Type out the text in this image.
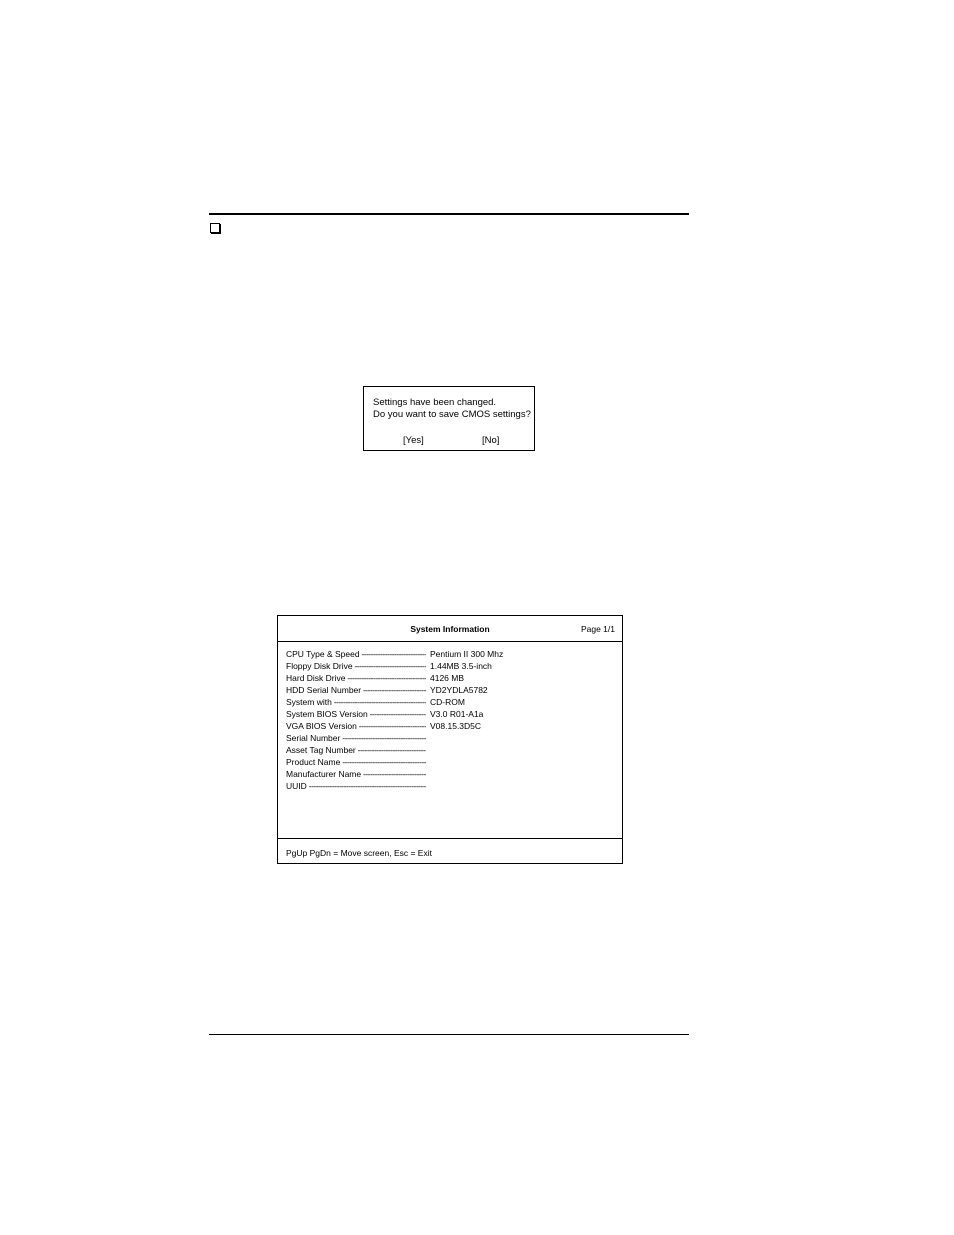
Settings have been changed.
Do you want to save CMOS settings?
[Yes]	[No]
System Information	Page 1/1
CPU Type & Speed -----	Pentium II 300 Mhz
Floppy Disk Drive -----	1.44MB 3.5-inch
Hard Disk Drive -----	4126 MB
HDD Serial Number -----	YD2YDLA5782
System with -----	CD-ROM
System BIOS Version -----	V3.0 R01-A1a
VGA BIOS Version -----	V08.15.3D5C
Serial Number -----
Asset Tag Number -----
Product Name -----
Manufacturer Name -----
UUID -----
PgUp PgDn = Move screen, Esc = Exit
